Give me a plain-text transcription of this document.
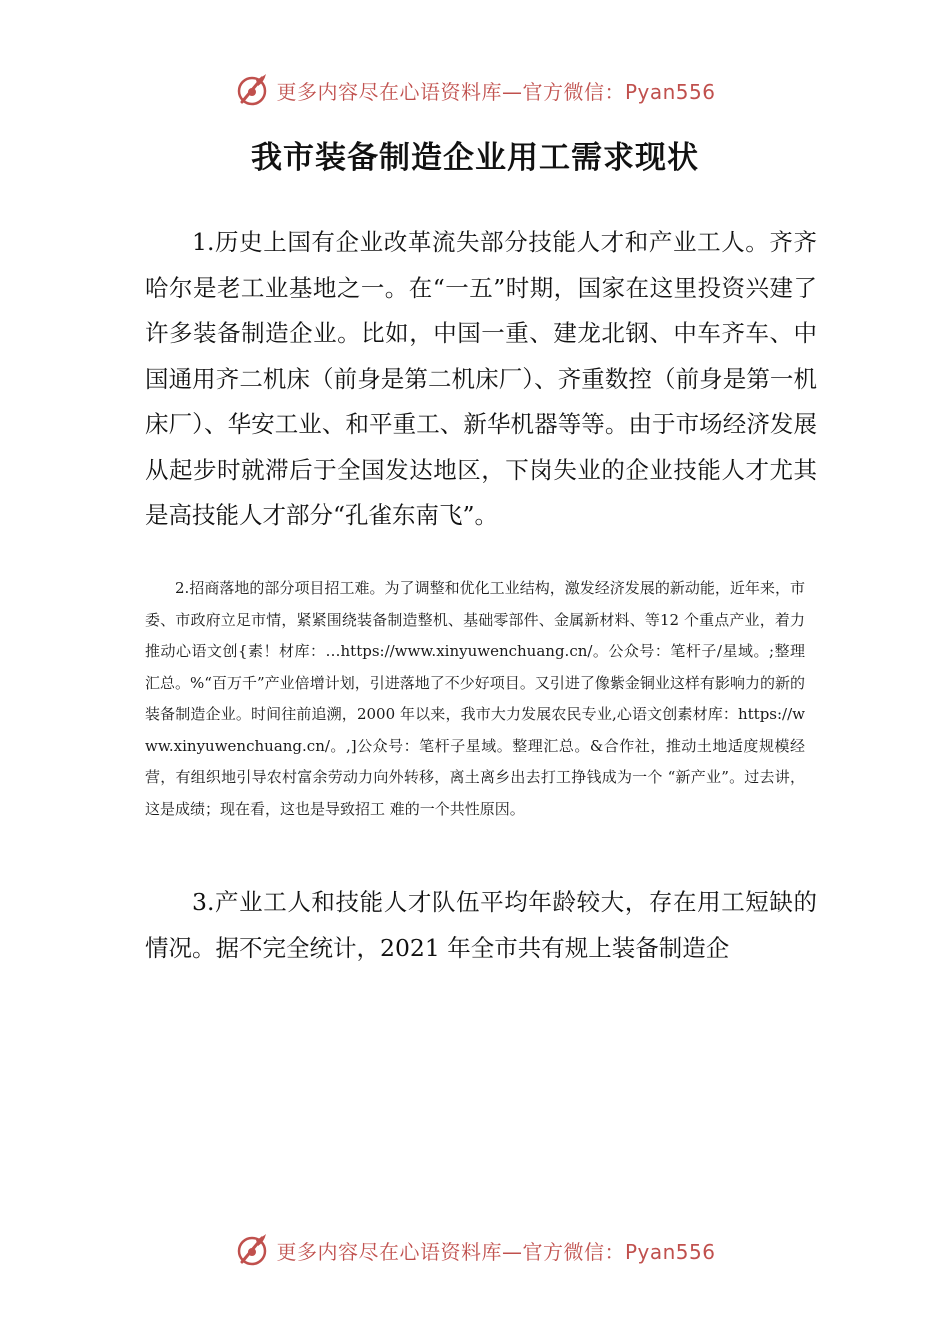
更多内容尽在心语资料库—官方微信：Pyan556
我市装备制造企业用工需求现状

1.历史上国有企业改革流失部分技能人才和产业工人。齐齐哈尔是老工业基地之一。在“一五”时期，国家在这里投资兴建了许多装备制造企业。比如，中国一重、建龙北钢、中车齐车、中国通用齐二机床（前身是第二机床厂）、齐重数控（前身是第一机床厂）、华安工业、和平重工、新华机器等等。由于市场经济发展从起步时就滞后于全国发达地区，下岗失业的企业技能人才尤其是高技能人才部分“孔雀东南飞”。

2.招商落地的部分项目招工难。为了调整和优化工业结构，激发经济发展的新动能，近年来，市委、市政府立足市情，紧紧围绕装备制造整机、基础零部件、金属新材料、等12 个重点产业，着力推动心语文创{素！材库：…https://www.xinyuwenchuang.cn/。公众号：笔杆子/星域。;整理汇总。%“百万千”产业倍增计划，引进落地了不少好项目。又引进了像紫金铜业这样有影响力的新的装备制造企业。时间往前追溯，2000 年以来，我市大力发展农民专业,心语文创素材库：https://www.xinyuwenchuang.cn/。,]公众号：笔杆子星域。整理汇总。&合作社，推动土地适度规模经营，有组织地引导农村富余劳动力向外转移，离土离乡出去打工挣钱成为一个 “新产业”。过去讲，这是成绩；现在看，这也是导致招工 难的一个共性原因。

3.产业工人和技能人才队伍平均年龄较大，存在用工短缺的情况。据不完全统计，2021 年全市共有规上装备制造企

更多内容尽在心语资料库—官方微信：Pyan556
